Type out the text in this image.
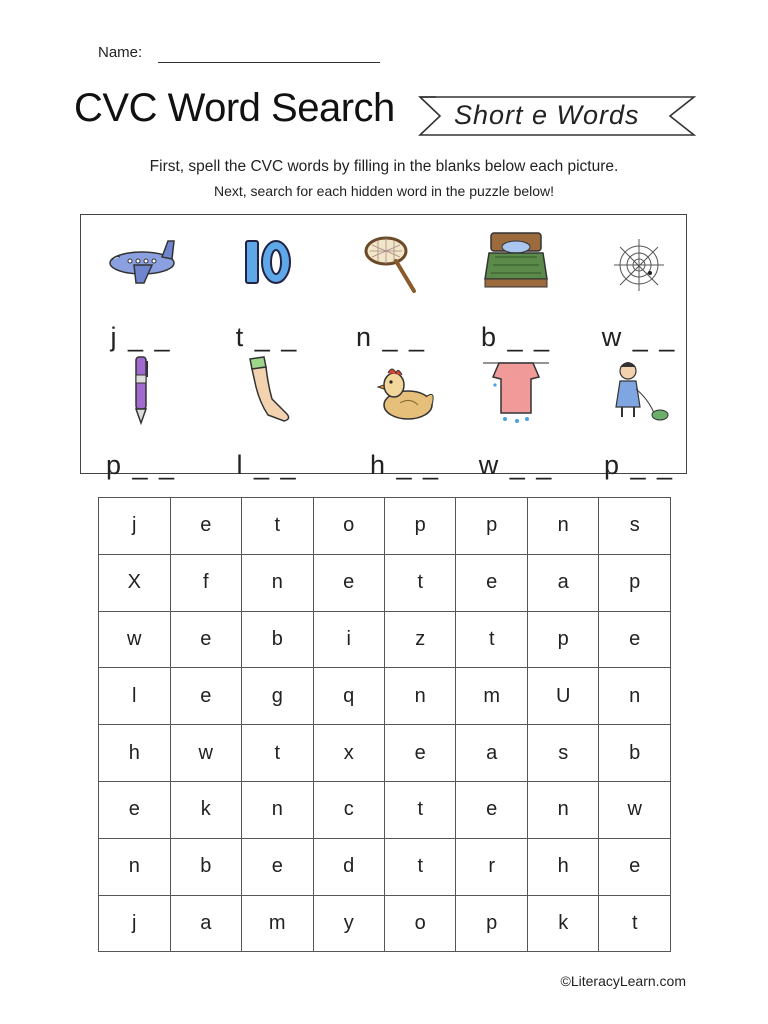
Name:
CVC Word Search Short e Words
First, spell the CVC words by filling in the blanks below each picture.
Next, search for each hidden word in the puzzle below!
j _ _	t _ _	n _ _	b _ _	w _ _
p _ _	l _ _	h _ _	w _ _	p _ _
j	e	t	o	p	p	n	s
X	f	n	e	t	e	a	p
w	e	b	i	z	t	p	e
l	e	g	q	n	m	U	n
h	w	t	x	e	a	s	b
e	k	n	c	t	e	n	w
n	b	e	d	t	r	h	e
j	a	m	y	o	p	k	t
©LiteracyLearn.com
